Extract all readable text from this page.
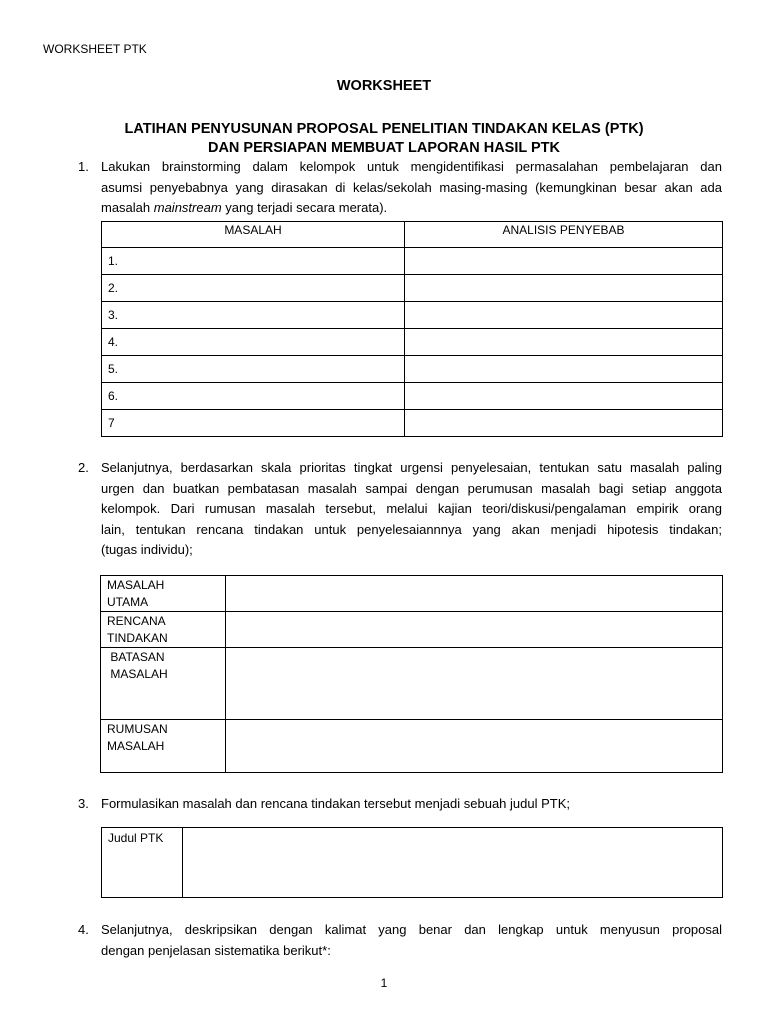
WORKSHEET PTK
WORKSHEET
LATIHAN PENYUSUNAN PROPOSAL PENELITIAN TINDAKAN KELAS (PTK)
DAN PERSIAPAN MEMBUAT LAPORAN HASIL PTK
1. Lakukan brainstorming dalam kelompok untuk mengidentifikasi permasalahan pembelajaran dan
asumsi penyebabnya yang dirasakan di kelas/sekolah masing-masing (kemungkinan besar akan ada
masalah mainstream yang terjadi secara merata).
MASALAH	ANALISIS PENYEBAB
1.	
2.	
3.	
4.	
5.	
6.	
7	
2. Selanjutnya, berdasarkan skala prioritas tingkat urgensi penyelesaian, tentukan satu masalah paling
urgen dan buatkan pembatasan masalah sampai dengan perumusan masalah bagi setiap anggota
kelompok. Dari rumusan masalah tersebut, melalui kajian teori/diskusi/pengalaman empirik orang
lain, tentukan rencana tindakan untuk penyelesaiannnya yang akan menjadi hipotesis tindakan;
(tugas individu);
MASALAH
UTAMA	

RENCANA
TINDAKAN	

BATASAN
MASALAH	

RUMUSAN
MASALAH	

3. Formulasikan masalah dan rencana tindakan tersebut menjadi sebuah judul PTK;
Judul PTK	
4. Selanjutnya, deskripsikan dengan kalimat yang benar dan lengkap untuk menyusun proposal
dengan penjelasan sistematika berikut*:
1
